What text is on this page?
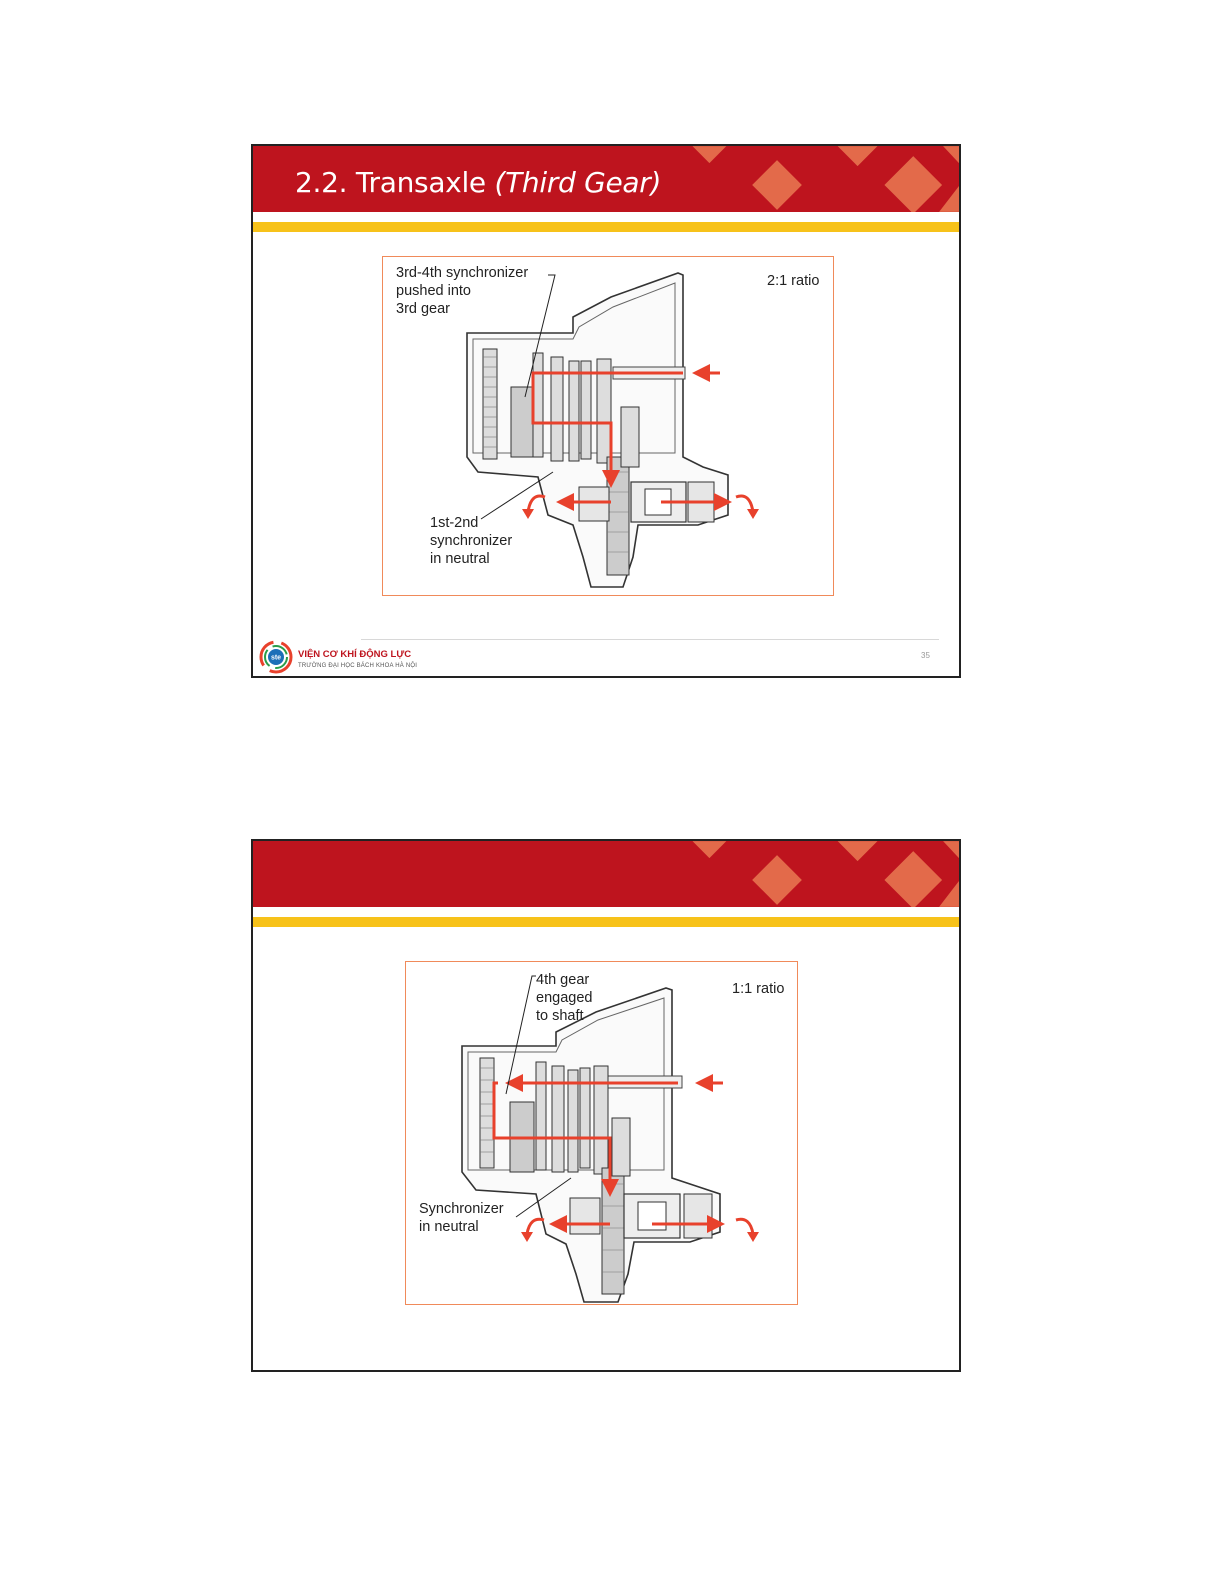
2.2. Transaxle (Third Gear)
3rd-4th synchronizer
pushed into
3rd gear
1st-2nd
synchronizer
in neutral
2:1 ratio
ste VIỆN CƠ KHÍ ĐỘNG LỰC
TRƯỜNG ĐẠI HỌC BÁCH KHOA HÀ NỘI
35
4th gear
engaged
to shaft
Synchronizer
in neutral
1:1 ratio
